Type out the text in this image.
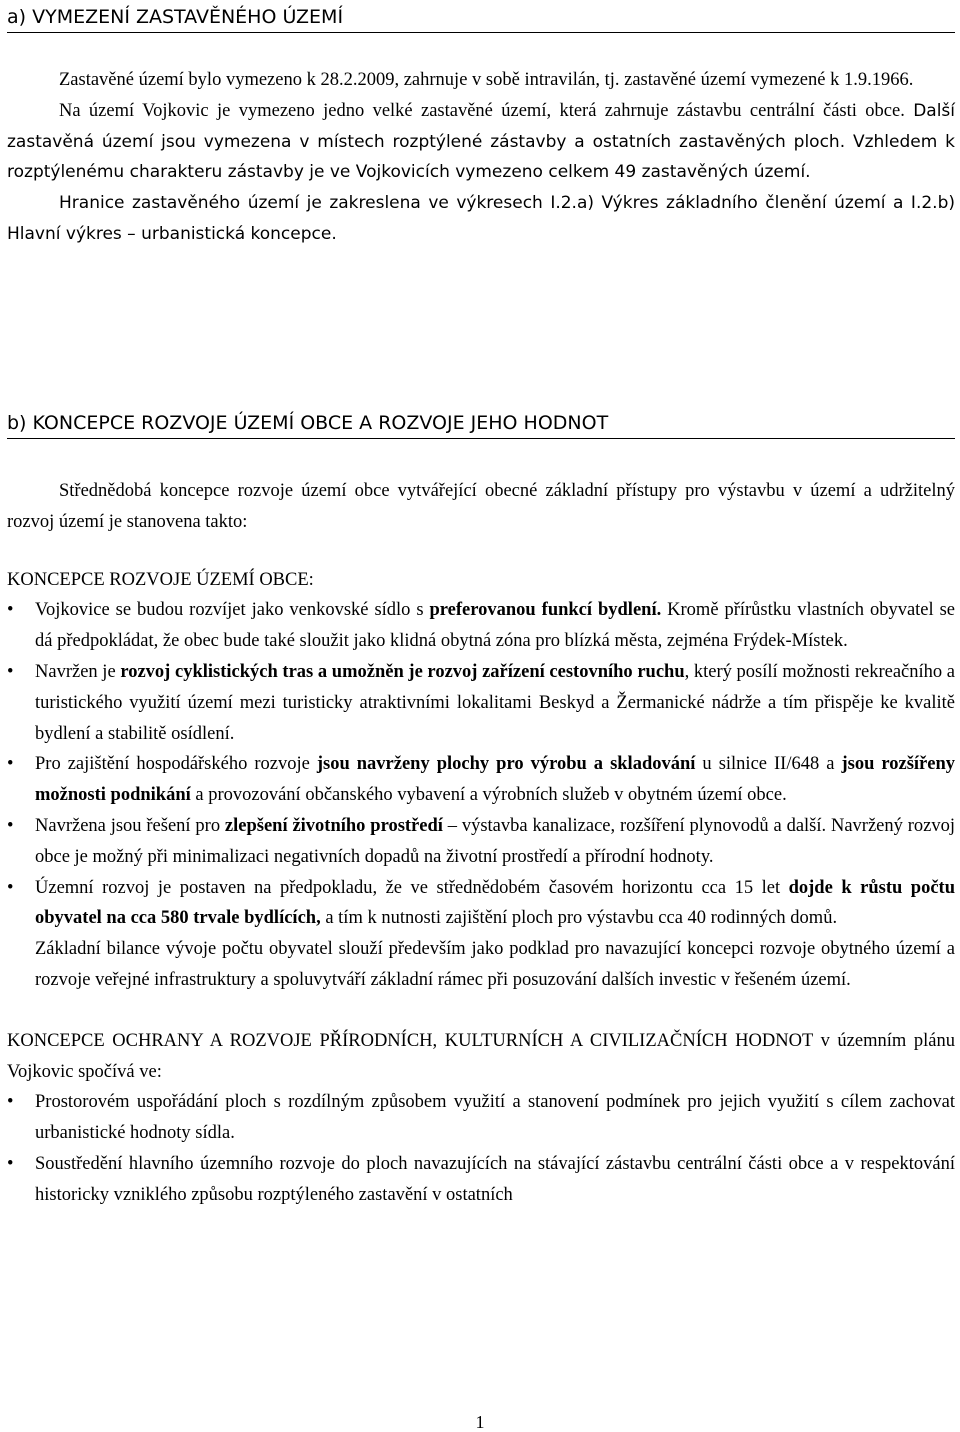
a) VYMEZENÍ ZASTAVĚNÉHO ÚZEMÍ
Zastavěné území bylo vymezeno k 28.2.2009, zahrnuje v sobě intravilán, tj. zastavěné území vymezené k 1.9.1966.
Na území Vojkovic je vymezeno jedno velké zastavěné území, která zahrnuje zástavbu centrální části obce. Další zastavěná území jsou vymezena v místech rozptýlené zástavby a ostatních zastavěných ploch. Vzhledem k rozptýlenému charakteru zástavby je ve Vojkovicích vymezeno celkem 49 zastavěných území.
Hranice zastavěného území je zakreslena ve výkresech I.2.a) Výkres základního členění území a I.2.b) Hlavní výkres – urbanistická koncepce.
b) KONCEPCE ROZVOJE ÚZEMÍ OBCE A ROZVOJE JEHO HODNOT
Střednědobá koncepce rozvoje území obce vytvářející obecné základní přístupy pro výstavbu v území a udržitelný rozvoj území je stanovena takto:
KONCEPCE ROZVOJE ÚZEMÍ OBCE:
• Vojkovice se budou rozvíjet jako venkovské sídlo s preferovanou funkcí bydlení. Kromě přírůstku vlastních obyvatel se dá předpokládat, že obec bude také sloužit jako klidná obytná zóna pro blízká města, zejména Frýdek-Místek.
• Navržen je rozvoj cyklistických tras a umožněn je rozvoj zařízení cestovního ruchu, který posílí možnosti rekreačního a turistického využití území mezi turisticky atraktivními lokalitami Beskyd a Žermanické nádrže a tím přispěje ke kvalitě bydlení a stabilitě osídlení.
• Pro zajištění hospodářského rozvoje jsou navrženy plochy pro výrobu a skladování u silnice II/648 a jsou rozšířeny možnosti podnikání a provozování občanského vybavení a výrobních služeb v obytném území obce.
• Navržena jsou řešení pro zlepšení životního prostředí – výstavba kanalizace, rozšíření plynovodů a další. Navržený rozvoj obce je možný při minimalizaci negativních dopadů na životní prostředí a přírodní hodnoty.
• Územní rozvoj je postaven na předpokladu, že ve střednědobém časovém horizontu cca 15 let dojde k růstu počtu obyvatel na cca 580 trvale bydlících, a tím k nutnosti zajištění ploch pro výstavbu cca 40 rodinných domů.
Základní bilance vývoje počtu obyvatel slouží především jako podklad pro navazující koncepci rozvoje obytného území a rozvoje veřejné infrastruktury a spoluvytváří základní rámec při posuzování dalších investic v řešeném území.
KONCEPCE OCHRANY A ROZVOJE PŘÍRODNÍCH, KULTURNÍCH A CIVILIZAČNÍCH HODNOT v územním plánu Vojkovic spočívá ve:
• Prostorovém uspořádání ploch s rozdílným způsobem využití a stanovení podmínek pro jejich využití s cílem zachovat urbanistické hodnoty sídla.
• Soustředění hlavního územního rozvoje do ploch navazujících na stávající zástavbu centrální části obce a v respektování historicky vzniklého způsobu rozptýleného zastavění v ostatních
1
